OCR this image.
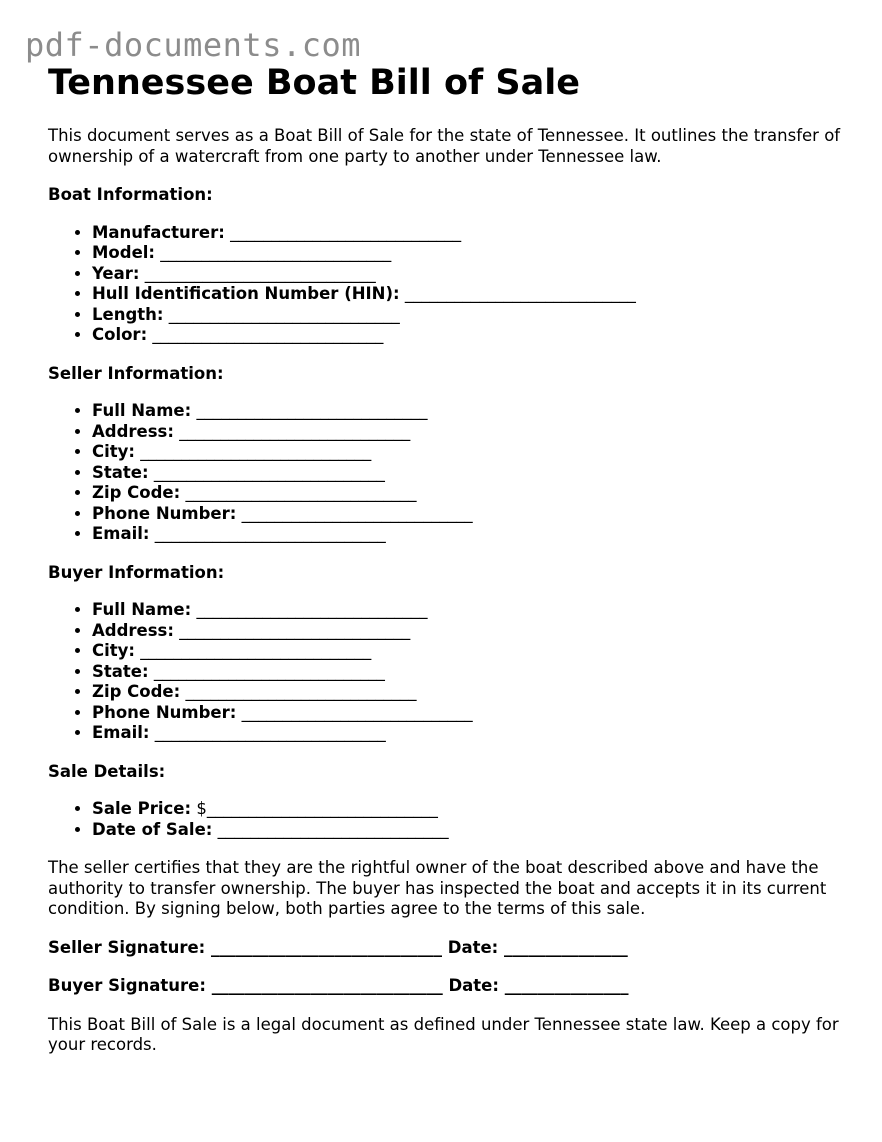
pdf-documents.com
Tennessee Boat Bill of Sale

This document serves as a Boat Bill of Sale for the state of Tennessee. It outlines the transfer of ownership of a watercraft from one party to another under Tennessee law.

Boat Information:
• Manufacturer: ____________________________
• Model: ____________________________
• Year: ____________________________
• Hull Identification Number (HIN): ____________________________
• Length: ____________________________
• Color: ____________________________
Seller Information:
• Full Name: ____________________________
• Address: ____________________________
• City: ____________________________
• State: ____________________________
• Zip Code: ____________________________
• Phone Number: ____________________________
• Email: ____________________________
Buyer Information:
• Full Name: ____________________________
• Address: ____________________________
• City: ____________________________
• State: ____________________________
• Zip Code: ____________________________
• Phone Number: ____________________________
• Email: ____________________________
Sale Details:
• Sale Price: $____________________________
• Date of Sale: ____________________________

The seller certifies that they are the rightful owner of the boat described above and have the authority to transfer ownership. The buyer has inspected the boat and accepts it in its current condition. By signing below, both parties agree to the terms of this sale.

Seller Signature: ____________________________ Date: _______________
Buyer Signature: ____________________________ Date: _______________

This Boat Bill of Sale is a legal document as defined under Tennessee state law. Keep a copy for your records.
